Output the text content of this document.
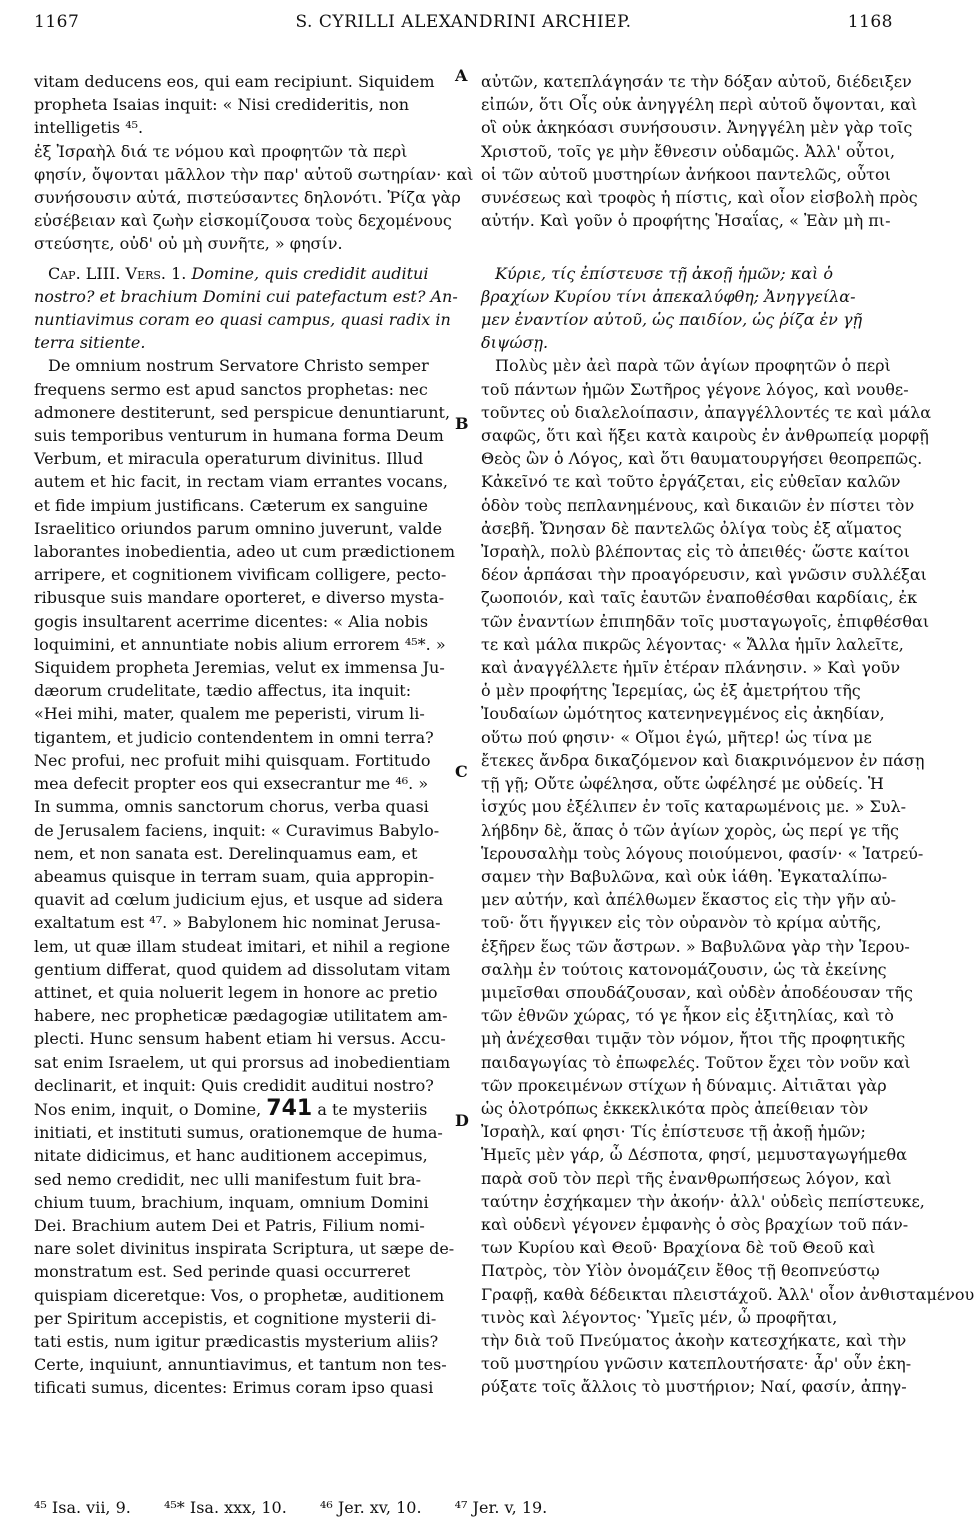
1167	S. CYRILLI ALEXANDRINI ARCHIEP.	1168
A
B
C
D

vitam deducens eos, qui eam recipiunt. Siquidem
propheta Isaias inquit: « Nisi credideritis, non
intelligetis ⁴⁵.
ἐξ Ἰσραὴλ διά τε νόμου καὶ προφητῶν τὰ περὶ
φησίν, ὄψονται μᾶλλον τὴν παρ' αὐτοῦ σωτηρίαν· καὶ
συνήσουσιν αὐτά, πιστεύσαντες δηλονότι. Ῥίζα γὰρ
εὐσέβειαν καὶ ζωὴν εἰσκομίζουσα τοὺς δεχομένους
στεύσητε, οὐδ' οὐ μὴ συνῆτε, » φησίν.

αὐτῶν, κατεπλάγησάν τε τὴν δόξαν αὐτοῦ, διέδειξεν
εἰπών, ὅτι Οἷς οὐκ ἀνηγγέλη περὶ αὐτοῦ ὄψονται, καὶ
οἳ οὐκ ἀκηκόασι συνήσουσιν. Ἀνηγγέλη μὲν γὰρ τοῖς
Χριστοῦ, τοῖς γε μὴν ἔθνεσιν οὐδαμῶς. Ἀλλ' οὗτοι,
οἱ τῶν αὐτοῦ μυστηρίων ἀνήκοοι παντελῶς, οὗτοι
συνέσεως καὶ τροφὸς ἡ πίστις, καὶ οἷον εἰσβολὴ πρὸς
αὐτήν. Καὶ γοῦν ὁ προφήτης Ἡσαΐας, « Ἐὰν μὴ πι-

Cap. LIII. Vers. 1. Domine, quis credidit auditui
nostro? et brachium Domini cui patefactum est? An-
nuntiavimus coram eo quasi campus, quasi radix in
terra sitiente.
De omnium nostrum Servatore Christo semper
frequens sermo est apud sanctos prophetas: nec
admonere destiterunt, sed perspicue denuntiarunt,
suis temporibus venturum in humana forma Deum
Verbum, et miracula operaturum divinitus. Illud
autem et hic facit, in rectam viam errantes vocans,
et fide impium justificans. Cæterum ex sanguine
Israelitico oriundos parum omnino juverunt, valde
laborantes inobedientia, adeo ut cum prædictionem
arripere, et cognitionem vivificam colligere, pecto-
ribusque suis mandare oporteret, e diverso mysta-
gogis insultarent acerrime dicentes: « Alia nobis
loquimini, et annuntiate nobis alium errorem ⁴⁵*. »
Siquidem propheta Jeremias, velut ex immensa Ju-
dæorum crudelitate, tædio affectus, ita inquit:
«Hei mihi, mater, qualem me peperisti, virum li-
tigantem, et judicio contendentem in omni terra?
Nec profui, nec profuit mihi quisquam. Fortitudo
mea defecit propter eos qui exsecrantur me ⁴⁶. »
In summa, omnis sanctorum chorus, verba quasi
de Jerusalem faciens, inquit: « Curavimus Babylo-
nem, et non sanata est. Derelinquamus eam, et
abeamus quisque in terram suam, quia appropin-
quavit ad cœlum judicium ejus, et usque ad sidera
exaltatum est ⁴⁷. » Babylonem hic nominat Jerusa-
lem, ut quæ illam studeat imitari, et nihil a regione
gentium differat, quod quidem ad dissolutam vitam
attinet, et quia noluerit legem in honore ac pretio
habere, nec propheticæ pædagogiæ utilitatem am-
plecti. Hunc sensum habent etiam hi versus. Accu-
sat enim Israelem, ut qui prorsus ad inobedientiam
declinarit, et inquit: Quis credidit auditui nostro?
Nos enim, inquit, o Domine, 741 a te mysteriis
initiati, et instituti sumus, orationemque de huma-
nitate didicimus, et hanc auditionem accepimus,
sed nemo credidit, nec ulli manifestum fuit bra-
chium tuum, brachium, inquam, omnium Domini
Dei. Brachium autem Dei et Patris, Filium nomi-
nare solet divinitus inspirata Scriptura, ut sæpe de-
monstratum est. Sed perinde quasi occurreret
quispiam diceretque: Vos, o prophetæ, auditionem
per Spiritum accepistis, et cognitione mysterii di-
tati estis, num igitur prædicastis mysterium aliis?
Certe, inquiunt, annuntiavimus, et tantum non tes-
tificati sumus, dicentes: Erimus coram ipso quasi

Κύριε, τίς ἐπίστευσε τῇ ἀκοῇ ἡμῶν; καὶ ὁ
βραχίων Κυρίου τίνι ἀπεκαλύφθη; Ἀνηγγείλα-
μεν ἐναντίον αὐτοῦ, ὡς παιδίον, ὡς ῥίζα ἐν γῇ
διψώσῃ.
Πολὺς μὲν ἀεὶ παρὰ τῶν ἁγίων προφητῶν ὁ περὶ
τοῦ πάντων ἡμῶν Σωτῆρος γέγονε λόγος, καὶ νουθε-
τοῦντες οὐ διαλελοίπασιν, ἀπαγγέλλοντές τε καὶ μάλα
σαφῶς, ὅτι καὶ ἥξει κατὰ καιροὺς ἐν ἀνθρωπείᾳ μορφῇ
Θεὸς ὢν ὁ Λόγος, καὶ ὅτι θαυματουργήσει θεοπρεπῶς.
Κἀκεῖνό τε καὶ τοῦτο ἐργάζεται, εἰς εὐθεῖαν καλῶν
ὁδὸν τοὺς πεπλανημένους, καὶ δικαιῶν ἐν πίστει τὸν
ἀσεβῆ. Ὤνησαν δὲ παντελῶς ὀλίγα τοὺς ἐξ αἵματος
Ἰσραὴλ, πολὺ βλέποντας εἰς τὸ ἀπειθές· ὥστε καίτοι
δέον ἁρπάσαι τὴν προαγόρευσιν, καὶ γνῶσιν συλλέξαι
ζωοποιόν, καὶ ταῖς ἑαυτῶν ἐναποθέσθαι καρδίαις, ἐκ
τῶν ἐναντίων ἐπιπηδᾶν τοῖς μυσταγωγοῖς, ἐπιφθέσθαι
τε καὶ μάλα πικρῶς λέγοντας· « Ἄλλα ἡμῖν λαλεῖτε,
καὶ ἀναγγέλλετε ἡμῖν ἑτέραν πλάνησιν. » Καὶ γοῦν
ὁ μὲν προφήτης Ἱερεμίας, ὡς ἐξ ἀμετρήτου τῆς
Ἰουδαίων ὠμότητος κατενηνεγμένος εἰς ἀκηδίαν,
οὕτω πού φησιν· « Οἴμοι ἐγώ, μῆτερ! ὡς τίνα με
ἔτεκες ἄνδρα δικαζόμενον καὶ διακρινόμενον ἐν πάσῃ
τῇ γῇ; Οὔτε ὠφέλησα, οὔτε ὠφέλησέ με οὐδείς. Ἡ
ἰσχύς μου ἐξέλιπεν ἐν τοῖς καταρωμένοις με. » Συλ-
λήβδην δὲ, ἅπας ὁ τῶν ἁγίων χορὸς, ὡς περί γε τῆς
Ἱερουσαλὴμ τοὺς λόγους ποιούμενοι, φασίν· « Ἰατρεύ-
σαμεν τὴν Βαβυλῶνα, καὶ οὐκ ἰάθη. Ἐγκαταλίπω-
μεν αὐτήν, καὶ ἀπέλθωμεν ἕκαστος εἰς τὴν γῆν αὐ-
τοῦ· ὅτι ἤγγικεν εἰς τὸν οὐρανὸν τὸ κρίμα αὐτῆς,
ἐξῆρεν ἕως τῶν ἄστρων. » Βαβυλῶνα γὰρ τὴν Ἱερου-
σαλὴμ ἐν τούτοις κατονομάζουσιν, ὡς τὰ ἐκείνης
μιμεῖσθαι σπουδάζουσαν, καὶ οὐδὲν ἀποδέουσαν τῆς
τῶν ἐθνῶν χώρας, τό γε ἧκον εἰς ἐξιτηλίας, καὶ τὸ
μὴ ἀνέχεσθαι τιμᾷν τὸν νόμον, ἤτοι τῆς προφητικῆς
παιδαγωγίας τὸ ἐπωφελές. Τοῦτον ἔχει τὸν νοῦν καὶ
τῶν προκειμένων στίχων ἡ δύναμις. Αἰτιᾶται γὰρ
ὡς ὁλοτρόπως ἐκκεκλικότα πρὸς ἀπείθειαν τὸν
Ἰσραὴλ, καί φησι· Τίς ἐπίστευσε τῇ ἀκοῇ ἡμῶν;
Ἡμεῖς μὲν γάρ, ὦ Δέσποτα, φησί, μεμυσταγωγήμεθα
παρὰ σοῦ τὸν περὶ τῆς ἐνανθρωπήσεως λόγον, καὶ
ταύτην ἐσχήκαμεν τὴν ἀκοήν· ἀλλ' οὐδεὶς πεπίστευκε,
καὶ οὐδενὶ γέγονεν ἐμφανὴς ὁ σὸς βραχίων τοῦ πάν-
των Κυρίου καὶ Θεοῦ· Βραχίονα δὲ τοῦ Θεοῦ καὶ
Πατρὸς, τὸν Υἱὸν ὀνομάζειν ἔθος τῇ θεοπνεύστῳ
Γραφῇ, καθὰ δέδεικται πλειστάχοῦ. Ἀλλ' οἷον ἀνθισταμένου
τινὸς καὶ λέγοντος· Ὑμεῖς μέν, ὦ προφῆται,
τὴν διὰ τοῦ Πνεύματος ἀκοὴν κατεσχήκατε, καὶ τὴν
τοῦ μυστηρίου γνῶσιν κατεπλουτήσατε· ἆρ' οὖν ἐκη-
ρύξατε τοῖς ἄλλοις τὸ μυστήριον; Ναί, φασίν, ἀπηγ-

⁴⁵ Isa. vii, 9. ⁴⁵* Isa. xxx, 10. ⁴⁶ Jer. xv, 10. ⁴⁷ Jer. v, 19.
